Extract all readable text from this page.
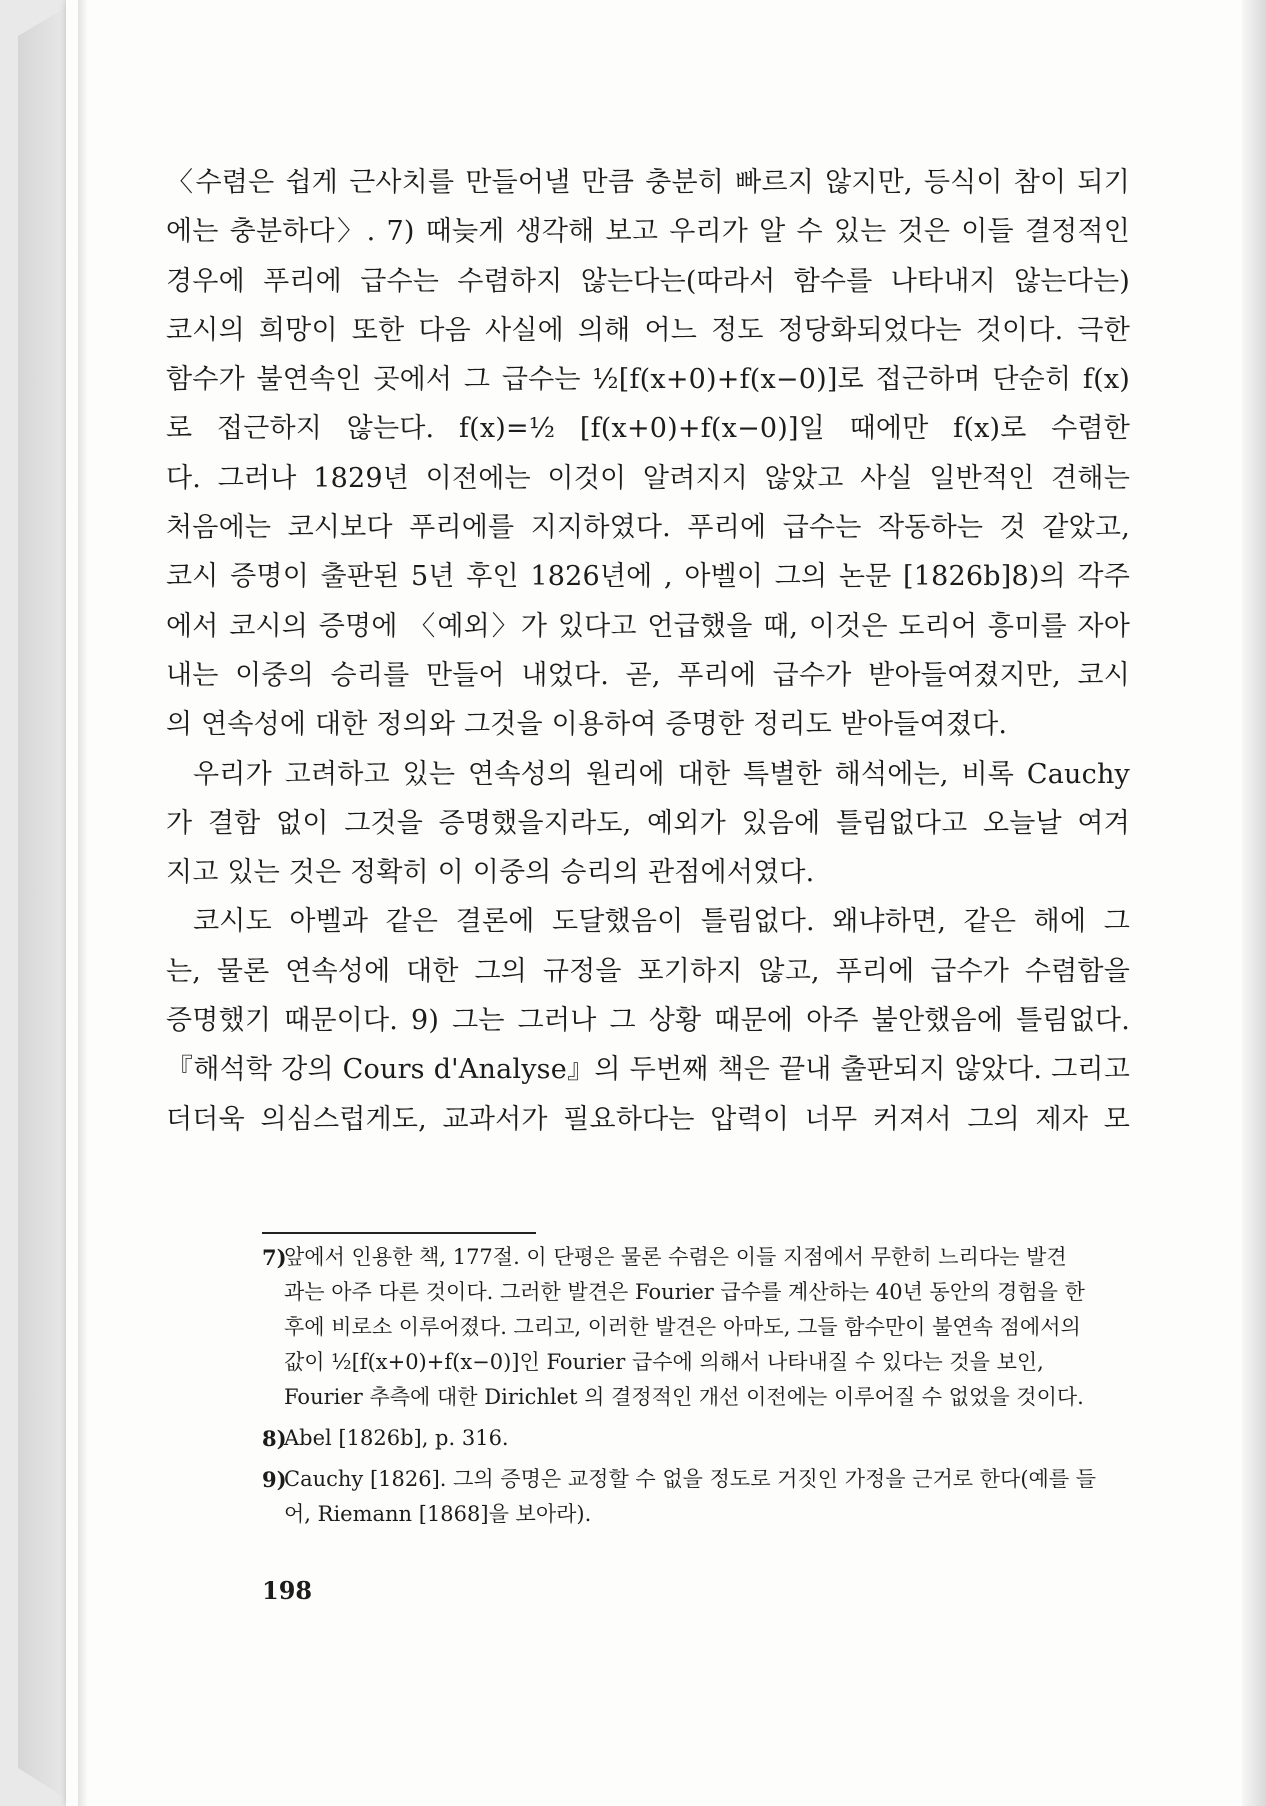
〈수렴은 쉽게 근사치를 만들어낼 만큼 충분히 빠르지 않지만, 등식이 참이 되기
에는 충분하다〉. 7) 때늦게 생각해 보고 우리가 알 수 있는 것은 이들 결정적인
경우에 푸리에 급수는 수렴하지 않는다는(따라서 함수를 나타내지 않는다는)
코시의 희망이 또한 다음 사실에 의해 어느 정도 정당화되었다는 것이다. 극한
함수가 불연속인 곳에서 그 급수는 ½[f(x+0)+f(x−0)]로 접근하며 단순히 f(x)
로 접근하지 않는다. f(x)=½ [f(x+0)+f(x−0)]일 때에만 f(x)로 수렴한
다. 그러나 1829년 이전에는 이것이 알려지지 않았고 사실 일반적인 견해는
처음에는 코시보다 푸리에를 지지하였다. 푸리에 급수는 작동하는 것 같았고,
코시 증명이 출판된 5년 후인 1826년에 , 아벨이 그의 논문 [1826b]8)의 각주
에서 코시의 증명에 〈예외〉가 있다고 언급했을 때, 이것은 도리어 흥미를 자아
내는 이중의 승리를 만들어 내었다. 곧, 푸리에 급수가 받아들여졌지만, 코시
의 연속성에 대한 정의와 그것을 이용하여 증명한 정리도 받아들여졌다.

우리가 고려하고 있는 연속성의 원리에 대한 특별한 해석에는, 비록 Cauchy
가 결함 없이 그것을 증명했을지라도, 예외가 있음에 틀림없다고 오늘날 여겨
지고 있는 것은 정확히 이 이중의 승리의 관점에서였다.

코시도 아벨과 같은 결론에 도달했음이 틀림없다. 왜냐하면, 같은 해에 그
는, 물론 연속성에 대한 그의 규정을 포기하지 않고, 푸리에 급수가 수렴함을
증명했기 때문이다. 9) 그는 그러나 그 상황 때문에 아주 불안했음에 틀림없다.
『해석학 강의 Cours d'Analyse』의 두번째 책은 끝내 출판되지 않았다. 그리고
더더욱 의심스럽게도, 교과서가 필요하다는 압력이 너무 커져서 그의 제자 모

7)
앞에서 인용한 책, 177절. 이 단평은 물론 수렴은 이들 지점에서 무한히 느리다는 발견
과는 아주 다른 것이다. 그러한 발견은 Fourier 급수를 계산하는 40년 동안의 경험을 한
후에 비로소 이루어졌다. 그리고, 이러한 발견은 아마도, 그들 함수만이 불연속 점에서의
값이 ½[f(x+0)+f(x−0)]인 Fourier 급수에 의해서 나타내질 수 있다는 것을 보인,
Fourier 추측에 대한 Dirichlet 의 결정적인 개선 이전에는 이루어질 수 없었을 것이다.
8)
Abel [1826b], p. 316.
9)
Cauchy [1826]. 그의 증명은 교정할 수 없을 정도로 거짓인 가정을 근거로 한다(예를 들
어, Riemann [1868]을 보아라).
198
